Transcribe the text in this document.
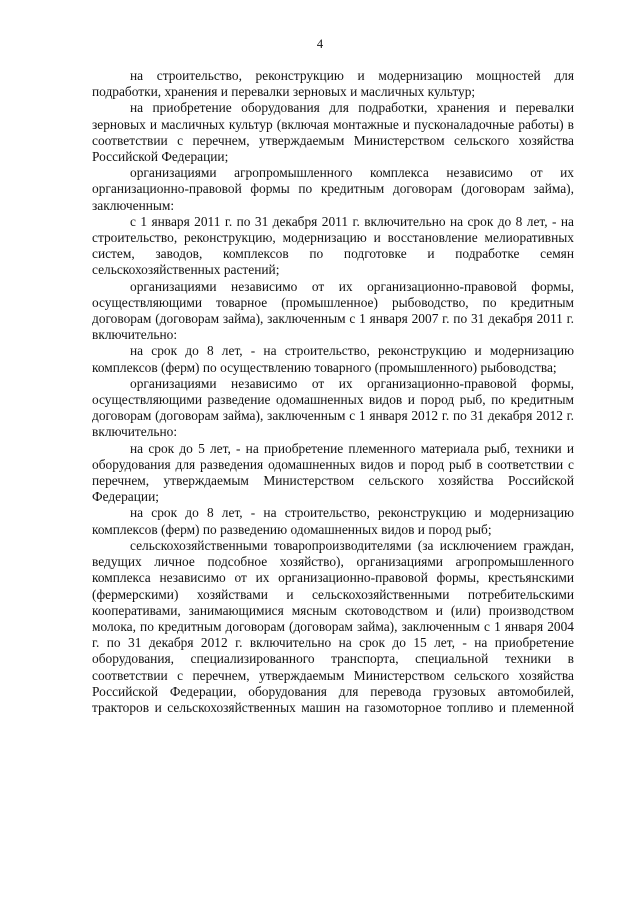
4

на строительство, реконструкцию и модернизацию мощностей для подработки, хранения и перевалки зерновых и масличных культур;

на приобретение оборудования для подработки, хранения и перевалки зерновых и масличных культур (включая монтажные и пусконаладочные работы) в соответствии с перечнем, утверждаемым Министерством сельского хозяйства Российской Федерации;

организациями агропромышленного комплекса независимо от их организационно-правовой формы по кредитным договорам (договорам займа), заключенным:

с 1 января 2011 г. по 31 декабря 2011 г. включительно на срок до 8 лет, - на строительство, реконструкцию, модернизацию и восстановление мелиоративных систем, заводов, комплексов по подготовке и подработке семян сельскохозяйственных растений;

организациями независимо от их организационно-правовой формы, осуществляющими товарное (промышленное) рыбоводство, по кредитным договорам (договорам займа), заключенным с 1 января 2007 г. по 31 декабря 2011 г. включительно:

на срок до 8 лет, - на строительство, реконструкцию и модернизацию комплексов (ферм) по осуществлению товарного (промышленного) рыбоводства;

организациями независимо от их организационно-правовой формы, осуществляющими разведение одомашненных видов и пород рыб, по кредитным договорам (договорам займа), заключенным с 1 января 2012 г. по 31 декабря 2012 г. включительно:

на срок до 5 лет, - на приобретение племенного материала рыб, техники и оборудования для разведения одомашненных видов и пород рыб в соответствии с перечнем, утверждаемым Министерством сельского хозяйства Российской Федерации;

на срок до 8 лет, - на строительство, реконструкцию и модернизацию комплексов (ферм) по разведению одомашненных видов и пород рыб;

сельскохозяйственными товаропроизводителями (за исключением граждан, ведущих личное подсобное хозяйство), организациями агропромышленного комплекса независимо от их организационно-правовой формы, крестьянскими (фермерскими) хозяйствами и сельскохозяйственными потребительскими кооперативами, занимающимися мясным скотоводством и (или) производством молока, по кредитным договорам (договорам займа), заключенным с 1 января 2004 г. по 31 декабря 2012 г. включительно на срок до 15 лет, - на приобретение оборудования, специализированного транспорта, специальной техники в соответствии с перечнем, утверждаемым Министерством сельского хозяйства Российской Федерации, оборудования для перевода грузовых автомобилей, тракторов и сельскохозяйственных машин на газомоторное топливо и племенной
